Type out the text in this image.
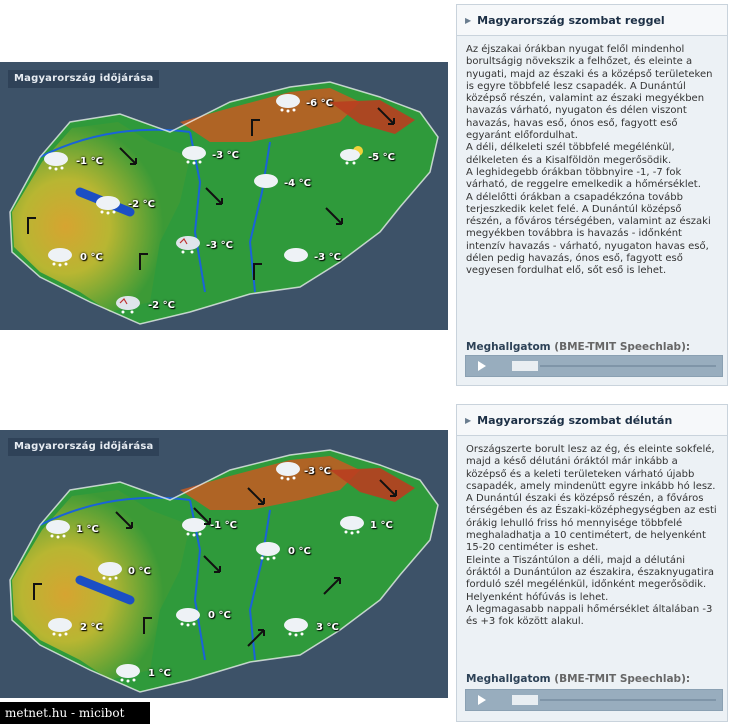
Magyarország időjárása
-1 °C
-2 °C
0 °C
-2 °C
-3 °C
-3 °C
-6 °C
-4 °C
-3 °C
-5 °C
Magyarország időjárása
1 °C
0 °C
2 °C
1 °C
-1 °C
0 °C
-3 °C
0 °C
3 °C
1 °C
▶ Magyarország szombat reggel

Az éjszakai órákban nyugat felől mindenhol borultságig növekszik a felhőzet, és eleinte a nyugati, majd az északi és a középső területeken is egyre többfelé lesz csapadék. A Dunántúl középső részén, valamint az északi megyékben havazás várható, nyugaton és délen viszont havazás, havas eső, ónos eső, fagyott eső egyaránt előfordulhat.

A déli, délkeleti szél többfelé megélénkül, délkeleten és a Kisalföldön megerősödik.

A leghidegebb órákban többnyire -1, -7 fok várható, de reggelre emelkedik a hőmérséklet.

A délelőtti órákban a csapadékzóna tovább terjeszkedik kelet felé. A Dunántúl középső részén, a főváros térségében, valamint az északi megyékben továbbra is havazás - időnként intenzív havazás - várható, nyugaton havas eső, délen pedig havazás, ónos eső, fagyott eső vegyesen fordulhat elő, sőt eső is lehet.

Meghallgatom (BME-TMIT Speechlab):
▶ Magyarország szombat délután

Országszerte borult lesz az ég, és eleinte sokfelé, majd a késő délutáni óráktól már inkább a középső és a keleti területeken várható újabb csapadék, amely mindenütt egyre inkább hó lesz. A Dunántúl északi és középső részén, a főváros térségében és az Északi-középhegységben az esti órákig lehulló friss hó mennyisége többfelé meghaladhatja a 10 centimétert, de helyenként 15-20 centiméter is eshet.

Eleinte a Tiszántúlon a déli, majd a délutáni óráktól a Dunántúlon az északira, északnyugatira forduló szél megélénkül, időnként megerősödik. Helyenként hófúvás is lehet.

A legmagasabb nappali hőmérséklet általában -3 és +3 fok között alakul.

Meghallgatom (BME-TMIT Speechlab):
metnet.hu - micibot
